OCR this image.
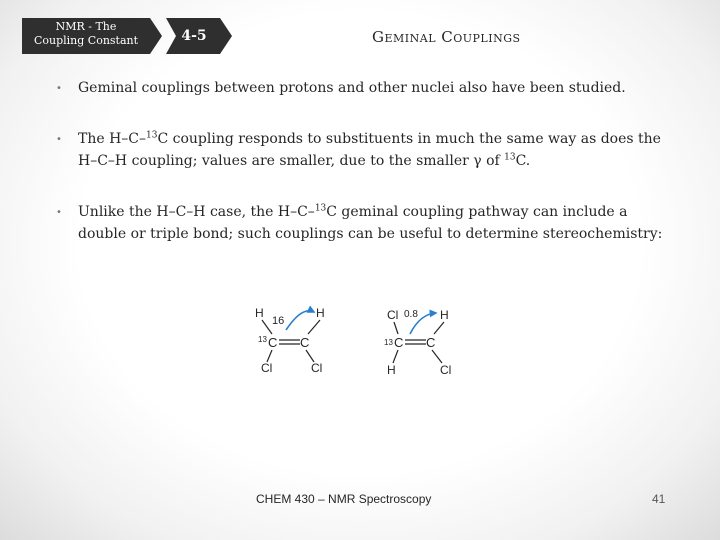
NMR - The
Coupling Constant	4-5	Geminal Couplings
• Geminal couplings between protons and other nuclei also have been studied.
• The H–C–$^{13}$C coupling responds to substituents in much the same way as does the H–C–H coupling; values are smaller, due to the smaller γ of $^{13}$C.
• Unlike the H–C–H case, the H–C–$^{13}$C geminal coupling pathway can include a double or triple bond; such couplings can be useful to determine stereochemistry:
H
16
H
13 C C
Cl	Cl
Cl 0.8 H
13 C C
H	Cl
CHEM 430 – NMR Spectroscopy	41
